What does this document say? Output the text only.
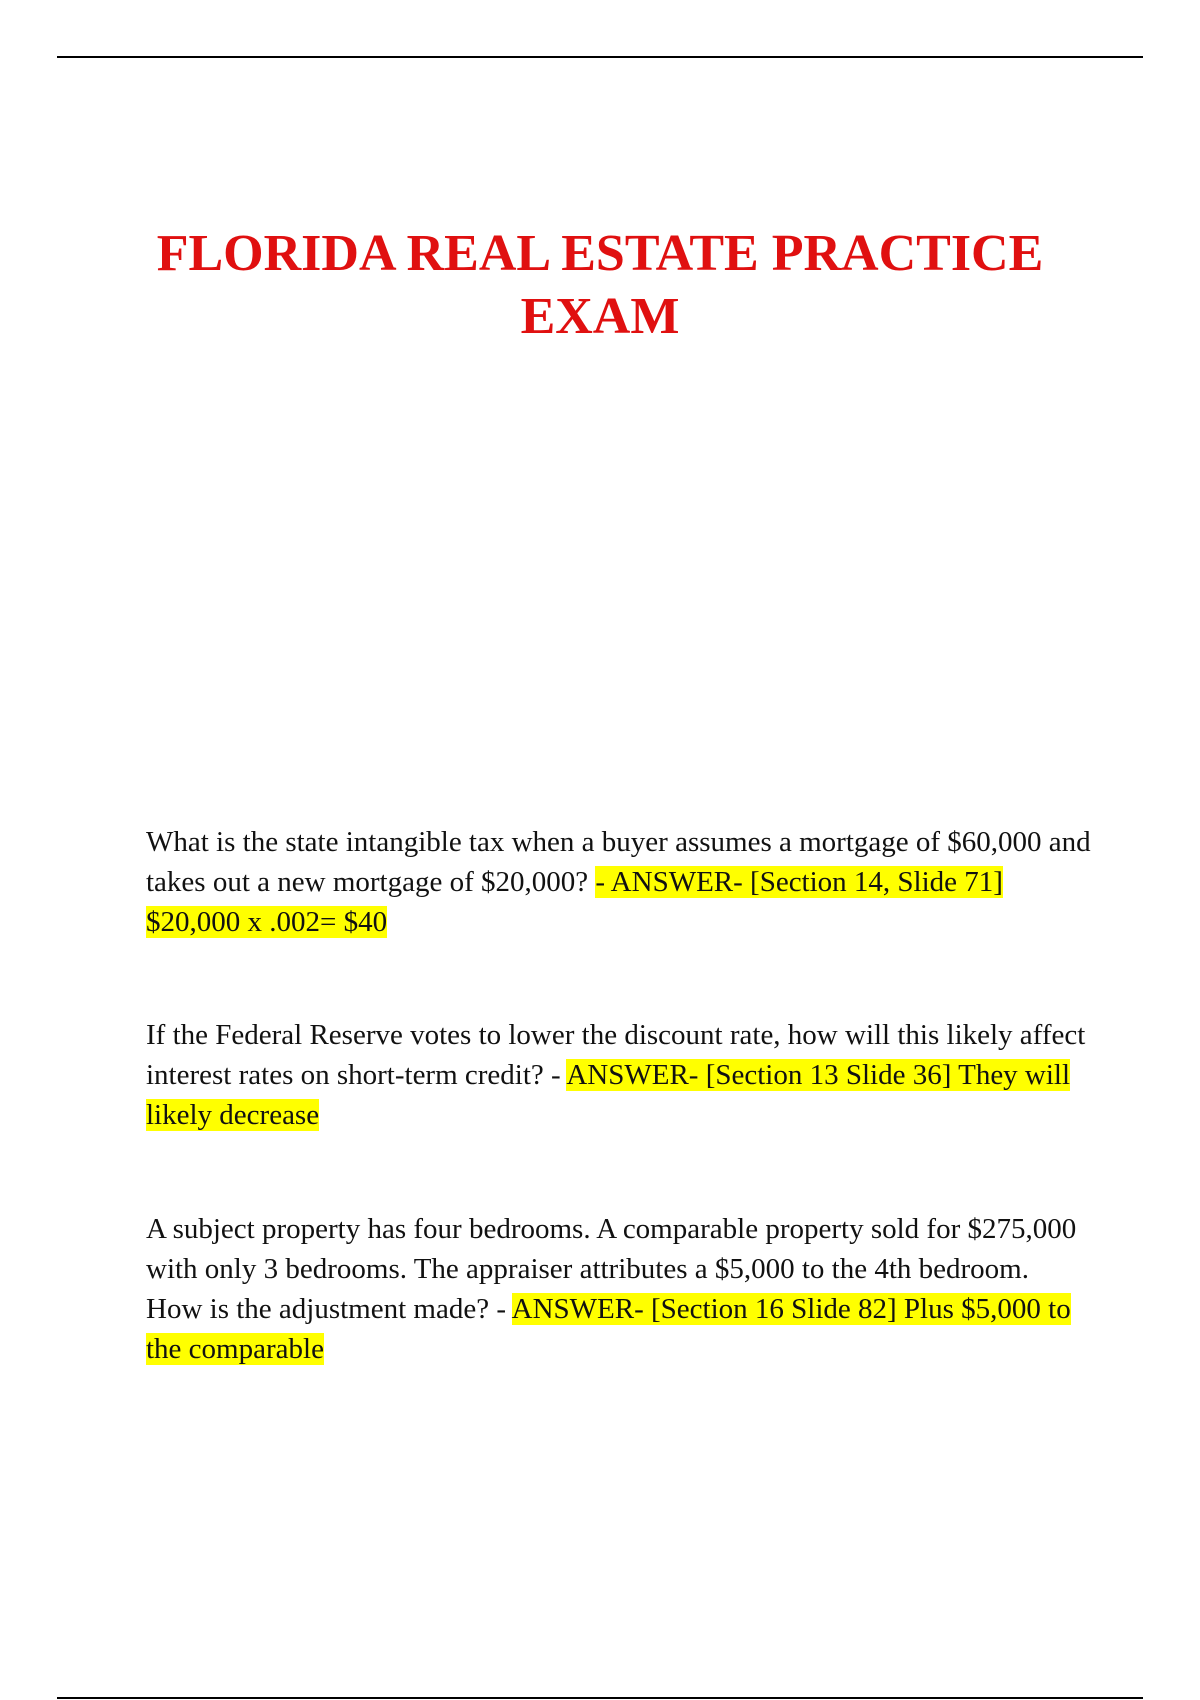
FLORIDA REAL ESTATE PRACTICE EXAM

What is the state intangible tax when a buyer assumes a mortgage of $60,000 and takes out a new mortgage of $20,000? - ANSWER- [Section 14, Slide 71] $20,000 x .002= $40

If the Federal Reserve votes to lower the discount rate, how will this likely affect interest rates on short-term credit? - ANSWER- [Section 13 Slide 36] They will likely decrease

A subject property has four bedrooms. A comparable property sold for $275,000 with only 3 bedrooms. The appraiser attributes a $5,000 to the 4th bedroom. How is the adjustment made? - ANSWER- [Section 16 Slide 82] Plus $5,000 to the comparable
